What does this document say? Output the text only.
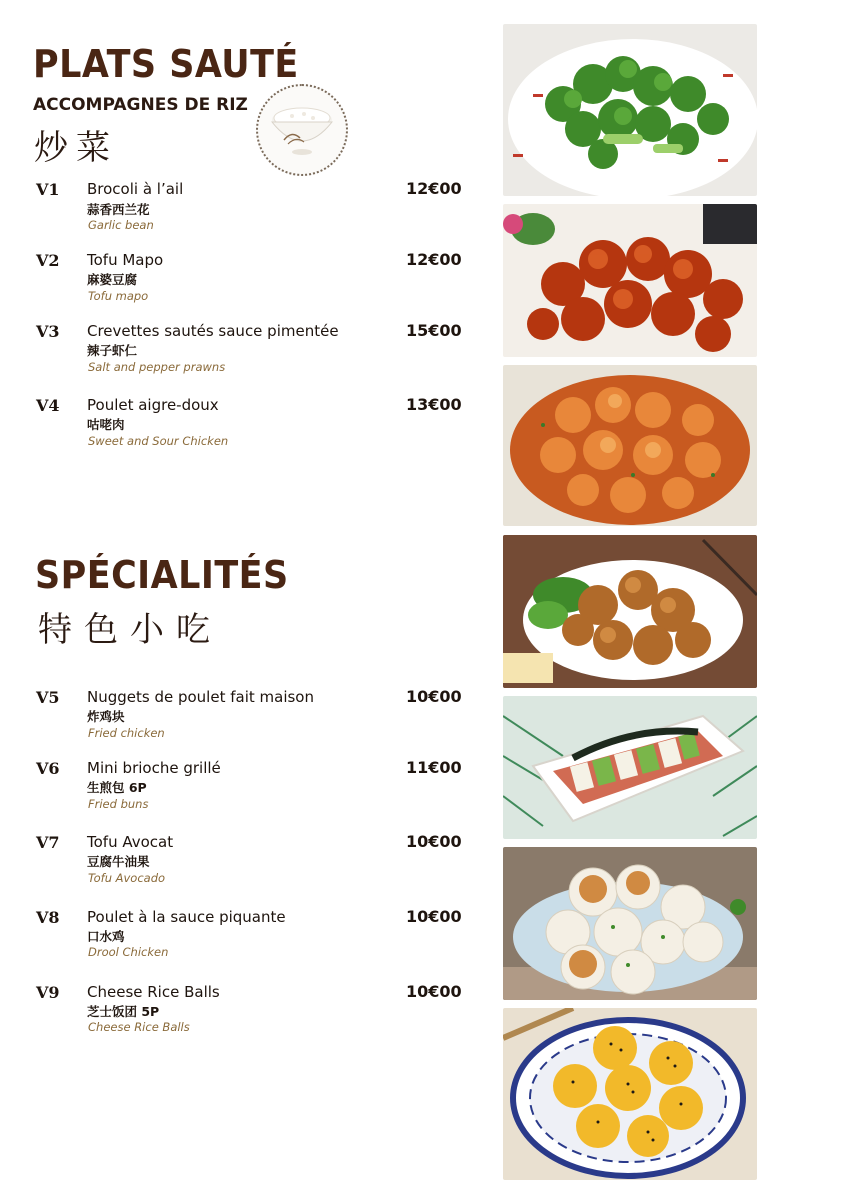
PLATS SAUTÉ
ACCOMPAGNES DE RIZ
炒菜
V1 Brocoli à l’ail
蒜香西兰花
Garlic bean
12€00
V2 Tofu Mapo
麻婆豆腐
Tofu mapo
12€00
V3 Crevettes sautés sauce pimentée
辣子虾仁
Salt and pepper prawns
15€00
V4 Poulet aigre-doux
咕咾肉
Sweet and Sour Chicken
13€00
SPÉCIALITÉS
特色小吃
V5 Nuggets de poulet fait maison
炸鸡块
Fried chicken
10€00
V6 Mini brioche grillé
生煎包 6P
Fried buns
11€00
V7 Tofu Avocat
豆腐牛油果
Tofu Avocado
10€00
V8 Poulet à la sauce piquante
口水鸡
Drool Chicken
10€00
V9 Cheese Rice Balls
芝士饭团 5P
Cheese Rice Balls
10€00
